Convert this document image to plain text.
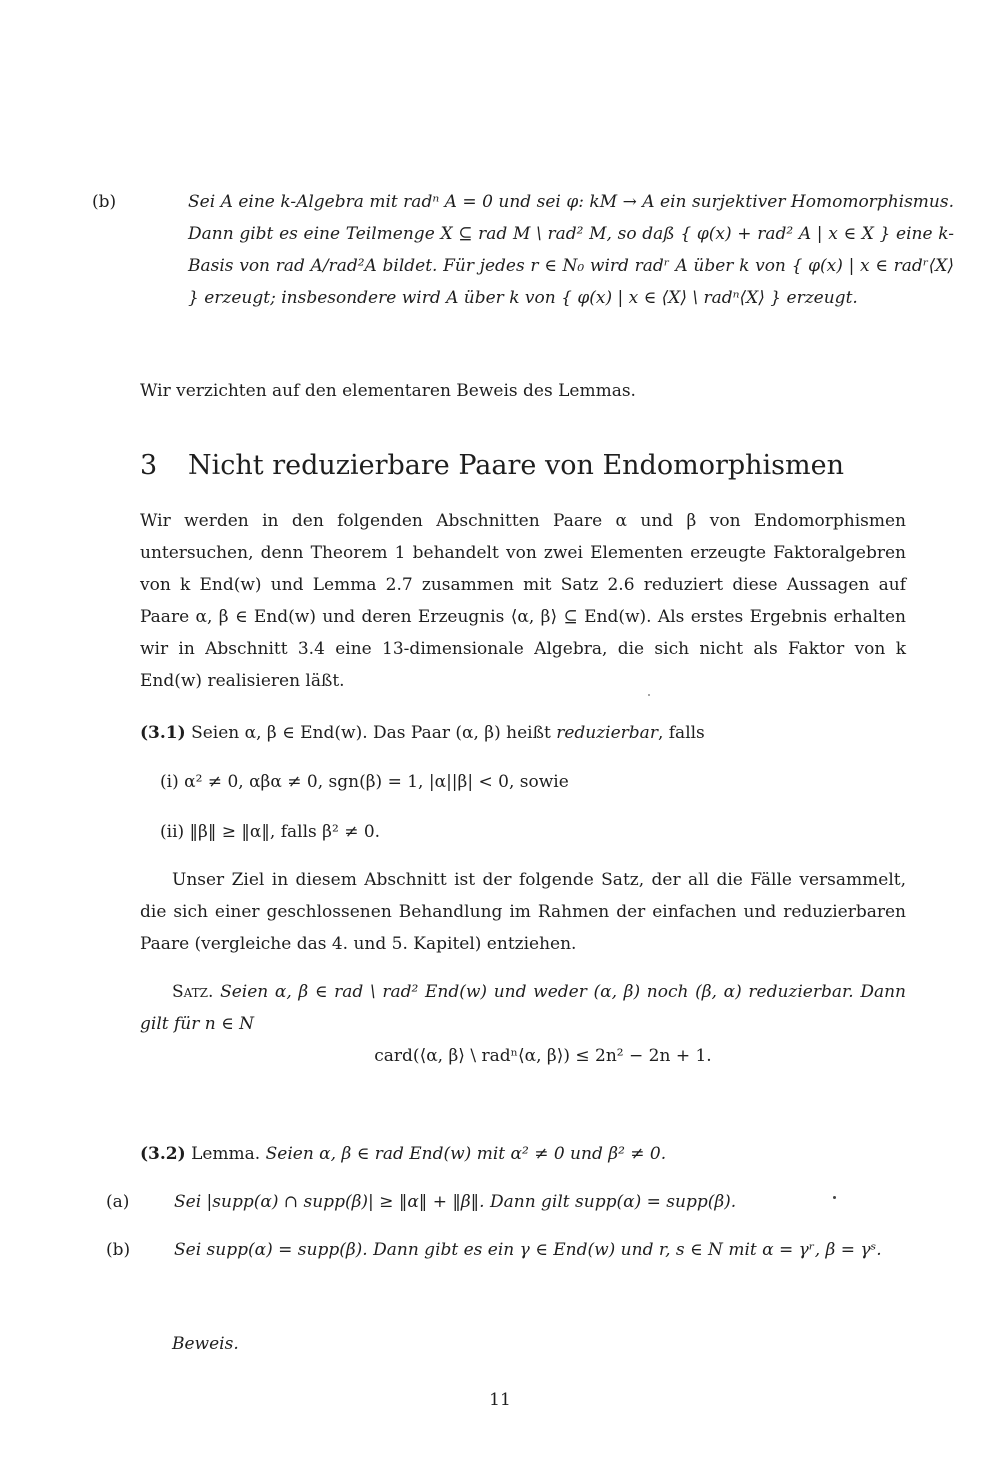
(b)	Sei A eine k-Algebra mit radⁿ A = 0 und sei φ: kM → A ein surjektiver Homomorphismus. Dann gibt es eine Teilmenge X ⊆ rad M \ rad² M, so daß { φ(x) + rad² A | x ∈ X } eine k-Basis von rad A/rad²A bildet. Für jedes r ∈ N₀ wird radʳ A über k von { φ(x) | x ∈ radʳ⟨X⟩ } erzeugt; insbesondere wird A über k von { φ(x) | x ∈ ⟨X⟩ \ radⁿ⟨X⟩ } erzeugt.
Wir verzichten auf den elementaren Beweis des Lemmas.
3 Nicht reduzierbare Paare von Endomorphismen
Wir werden in den folgenden Abschnitten Paare α und β von Endomorphismen untersuchen, denn Theorem 1 behandelt von zwei Elementen erzeugte Faktoralgebren von k End(w) und Lemma 2.7 zusammen mit Satz 2.6 reduziert diese Aussagen auf Paare α, β ∈ End(w) und deren Erzeugnis ⟨α, β⟩ ⊆ End(w). Als erstes Ergebnis erhalten wir in Abschnitt 3.4 eine 13-dimensionale Algebra, die sich nicht als Faktor von k End(w) realisieren läßt.
(3.1) Seien α, β ∈ End(w). Das Paar (α, β) heißt reduzierbar, falls
(i) α² ≠ 0, αβα ≠ 0, sgn(β) = 1, |α||β| < 0, sowie
(ii) ‖β‖ ≥ ‖α‖, falls β² ≠ 0.
Unser Ziel in diesem Abschnitt ist der folgende Satz, der all die Fälle versammelt, die sich einer geschlossenen Behandlung im Rahmen der einfachen und reduzierbaren Paare (vergleiche das 4. und 5. Kapitel) entziehen.
Satz. Seien α, β ∈ rad \ rad² End(w) und weder (α, β) noch (β, α) reduzierbar. Dann gilt für n ∈ N
card(⟨α, β⟩ \ radⁿ⟨α, β⟩) ≤ 2n² − 2n + 1.
(3.2) Lemma. Seien α, β ∈ rad End(w) mit α² ≠ 0 und β² ≠ 0.
(a)	Sei |supp(α) ∩ supp(β)| ≥ ‖α‖ + ‖β‖. Dann gilt supp(α) = supp(β).
(b)	Sei supp(α) = supp(β). Dann gibt es ein γ ∈ End(w) und r, s ∈ N mit α = γʳ, β = γˢ.
Beweis.
11
